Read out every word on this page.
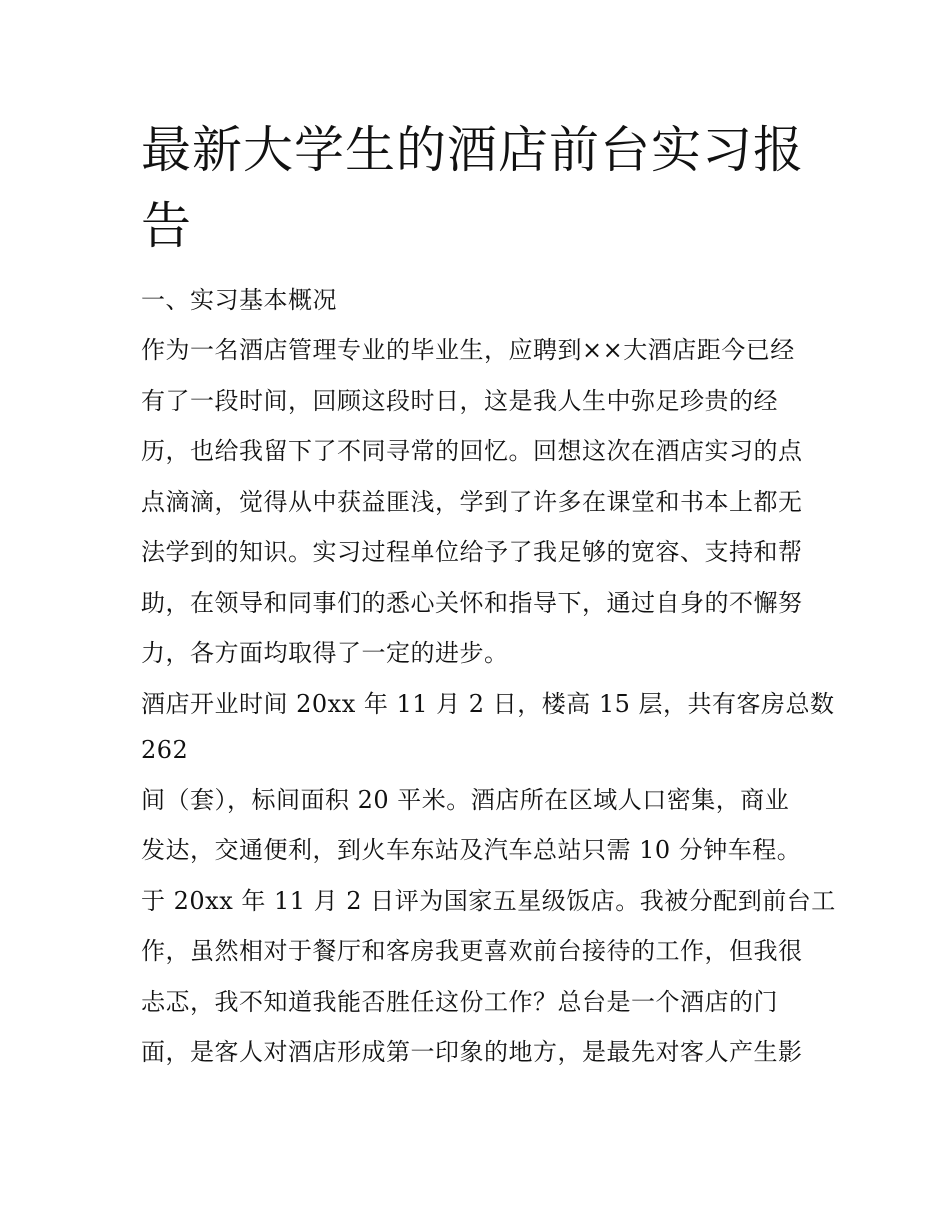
最新大学生的酒店前台实习报
告
一、实习基本概况
作为一名酒店管理专业的毕业生，应聘到××大酒店距今已经
有了一段时间，回顾这段时日，这是我人生中弥足珍贵的经
历，也给我留下了不同寻常的回忆。回想这次在酒店实习的点
点滴滴，觉得从中获益匪浅，学到了许多在课堂和书本上都无
法学到的知识。实习过程单位给予了我足够的宽容、支持和帮
助，在领导和同事们的悉心关怀和指导下，通过自身的不懈努
力，各方面均取得了一定的进步。
酒店开业时间 20xx 年 11 月 2 日，楼高 15 层，共有客房总数
262
间（套），标间面积 20 平米。酒店所在区域人口密集，商业
发达，交通便利，到火车东站及汽车总站只需 10 分钟车程。
于 20xx 年 11 月 2 日评为国家五星级饭店。我被分配到前台工
作，虽然相对于餐厅和客房我更喜欢前台接待的工作，但我很
忐忑，我不知道我能否胜任这份工作？总台是一个酒店的门
面，是客人对酒店形成第一印象的地方，是最先对客人产生影
